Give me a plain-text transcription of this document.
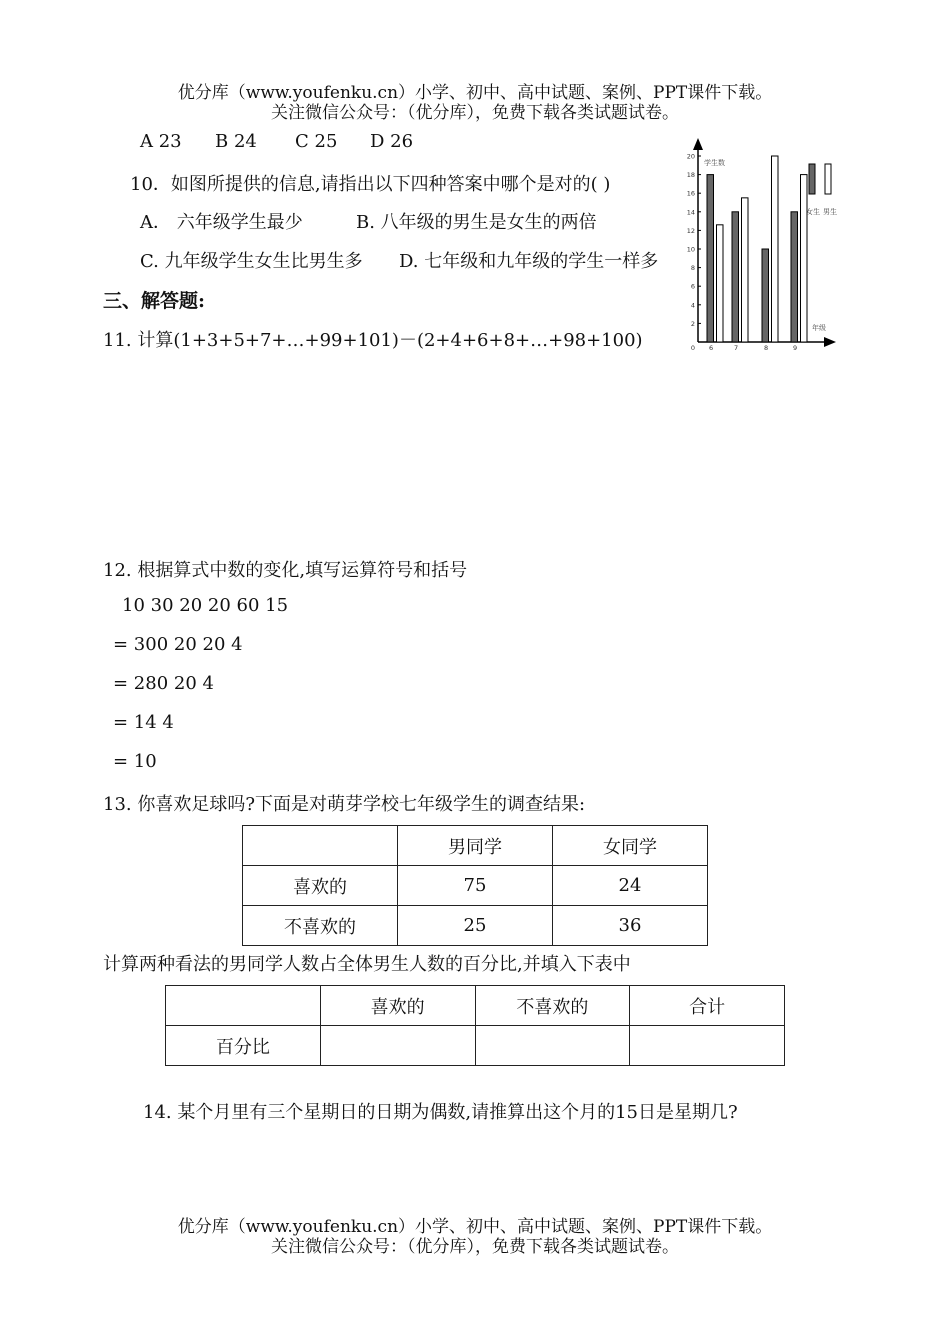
优分库（www.youfenku.cn）小学、初中、高中试题、案例、PPT课件下载。
关注微信公众号：（优分库），免费下载各类试题试卷。
A 23 B 24 C 25 D 26
10．如图所提供的信息,请指出以下四种答案中哪个是对的( )
A． 六年级学生最少	B. 八年级的男生是女生的两倍
C. 九年级学生女生比男生多 D. 七年级和九年级的学生一样多
学生数
年级
2
4
6
8
10
12
14
16
18
20
0 6	7	8	9
女生 男生
三、解答题:
11. 计算(1+3+5+7+…+99+101)－(2+4+6+8+…+98+100)
12. 根据算式中数的变化,填写运算符号和括号
10 30 20 20 60 15
= 300 20 20 4
= 280 20 4
= 14 4
= 10
13. 你喜欢足球吗?下面是对萌芽学校七年级学生的调查结果:
	男同学	女同学
喜欢的	75	24
不喜欢的	25	36
计算两种看法的男同学人数占全体男生人数的百分比,并填入下表中
	喜欢的	不喜欢的	合计
百分比			
14. 某个月里有三个星期日的日期为偶数,请推算出这个月的15日是星期几?
优分库（www.youfenku.cn）小学、初中、高中试题、案例、PPT课件下载。
关注微信公众号：（优分库），免费下载各类试题试卷。
